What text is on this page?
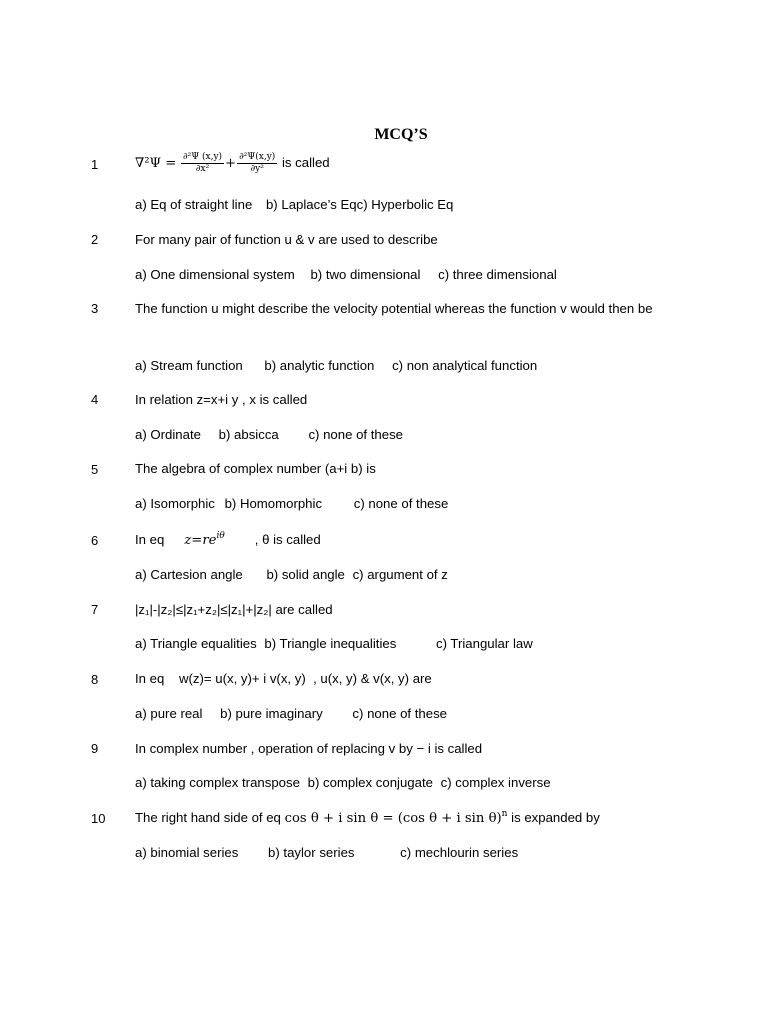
MCQ’S
1	$\nabla^2\Psi = \frac{\text{∂²Ψ (x,y)}}{\text{∂x²}} + \frac{\text{∂²Ψ(x,y)}}{\text{∂y²}}$ is called
a) Eq of straight line b) Laplace’s Eqc) Hyperbolic Eq
2	For many pair of function u & v are used to describe
a) One dimensional system b) two dimensional c) three dimensional
3	The function u might describe the velocity potential whereas the function v would then be
a) Stream function b) analytic function c) non analytical function
4	In relation z=x+i y , x is called
a) Ordinate b) absicca c) none of these
5	The algebra of complex number (a+i b) is
a) Isomorphic b) Homomorphic c) none of these
6	In eq $z=re^{i\theta}$ , θ is called
a) Cartesion angle b) solid angle c) argument of z
7	|z₁|-|z₂|≤|z₁+z₂|≤|z₁|+|z₂| are called
a) Triangle equalities b) Triangle inequalities	c) Triangular law
8	In eq    w(z)= u(x, y)+ i v(x, y)  , u(x, y) & v(x, y) are
a) pure real b) pure imaginary c) none of these
9	In complex number , operation of replacing v by − i is called
a) taking complex transpose b) complex conjugate c) complex inverse
10 The right hand side of eq cos θ + i sin θ = (cos θ + i sin θ)$^n$ is expanded by
a) binomial series b) taylor series	c) mechlourin series
